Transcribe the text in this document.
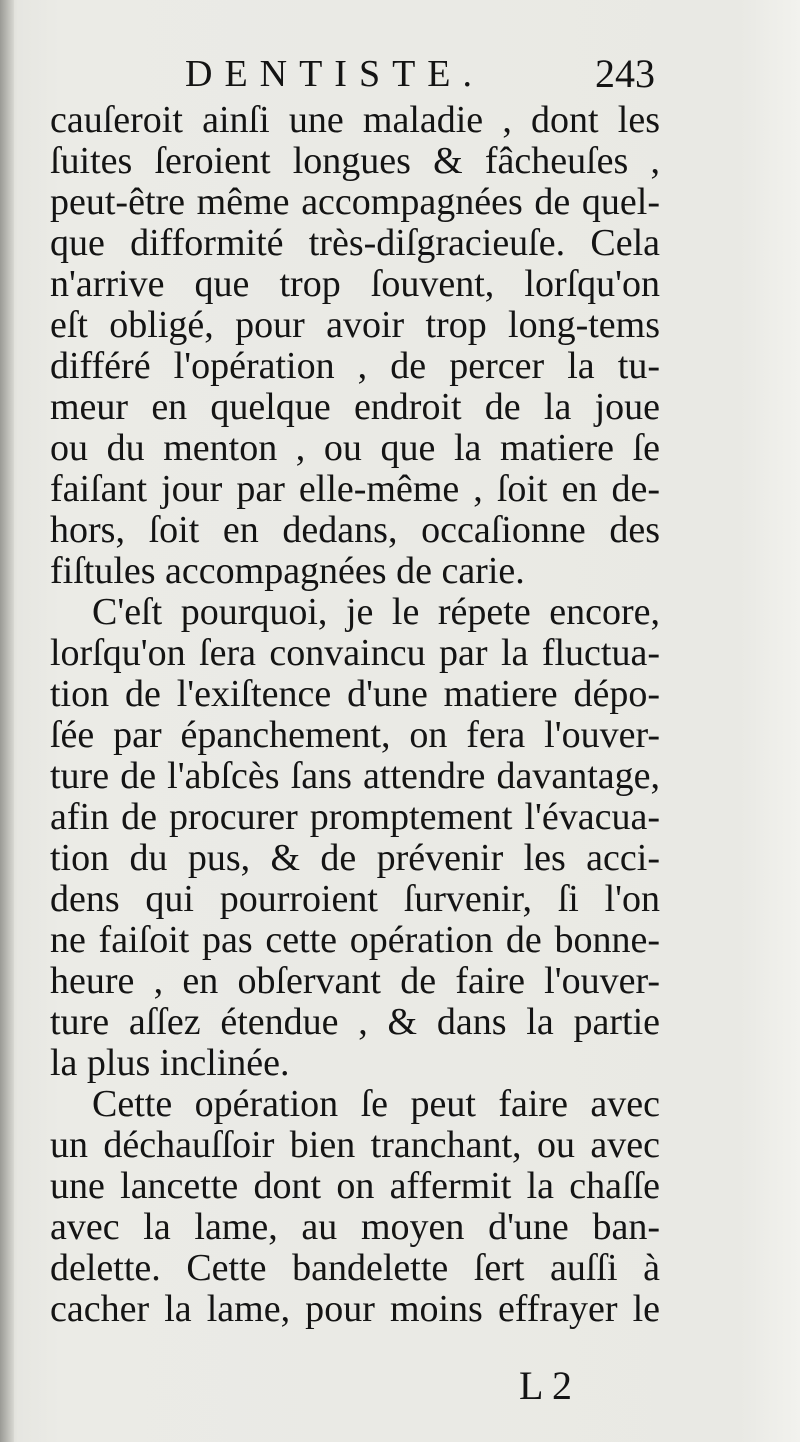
DENTISTE.	243
cauſeroit ainſi une maladie , dont les
ſuites ſeroient longues & fâcheuſes ,
peut-être même accompagnées de quel-
que difformité très-diſgracieuſe. Cela
n'arrive que trop ſouvent, lorſqu'on
eſt obligé, pour avoir trop long-tems
différé l'opération , de percer la tu-
meur en quelque endroit de la joue
ou du menton , ou que la matiere ſe
faiſant jour par elle-même , ſoit en de-
hors, ſoit en dedans, occaſionne des
fiſtules accompagnées de carie.
C'eſt pourquoi, je le répete encore,
lorſqu'on ſera convaincu par la fluctua-
tion de l'exiſtence d'une matiere dépo-
ſée par épanchement, on fera l'ouver-
ture de l'abſcès ſans attendre davantage,
afin de procurer promptement l'évacua-
tion du pus, & de prévenir les acci-
dens qui pourroient ſurvenir, ſi l'on
ne faiſoit pas cette opération de bonne-
heure , en obſervant de faire l'ouver-
ture aſſez étendue , & dans la partie
la plus inclinée.
Cette opération ſe peut faire avec
un déchauſſoir bien tranchant, ou avec
une lancette dont on affermit la chaſſe
avec la lame, au moyen d'une ban-
delette. Cette bandelette ſert auſſi à
cacher la lame, pour moins effrayer le
L 2
